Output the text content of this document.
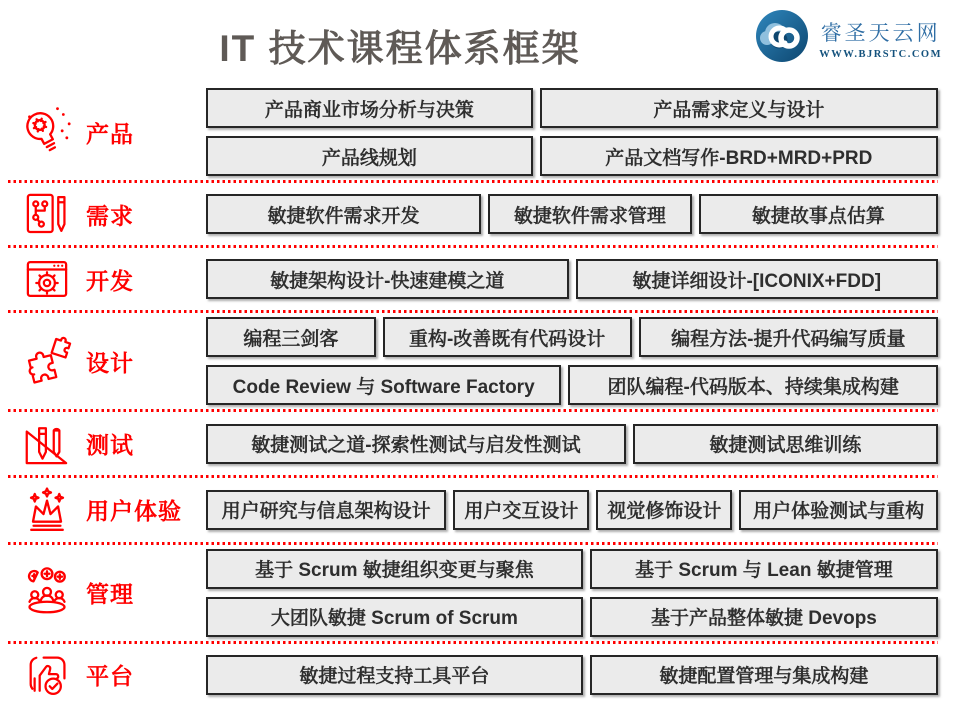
IT 技术课程体系框架	睿圣天云网
WWW.BJRSTC.COM
产品
产品商业市场分析与决策	产品需求定义与设计
产品线规划	产品文档写作-BRD+MRD+PRD
需求	敏捷软件需求开发	敏捷软件需求管理	敏捷故事点估算
开发	敏捷架构设计-快速建模之道	敏捷详细设计-[ICONIX+FDD]
设计
编程三剑客	重构-改善既有代码设计	编程方法-提升代码编写质量
Code Review 与 Software Factory	团队编程-代码版本、持续集成构建
测试	敏捷测试之道-探索性测试与启发性测试	敏捷测试思维训练
用户体验	用户研究与信息架构设计	用户交互设计	视觉修饰设计	用户体验测试与重构
管理
基于 Scrum 敏捷组织变更与聚焦	基于 Scrum 与 Lean 敏捷管理
大团队敏捷 Scrum of Scrum	基于产品整体敏捷 Devops
平台	敏捷过程支持工具平台	敏捷配置管理与集成构建
